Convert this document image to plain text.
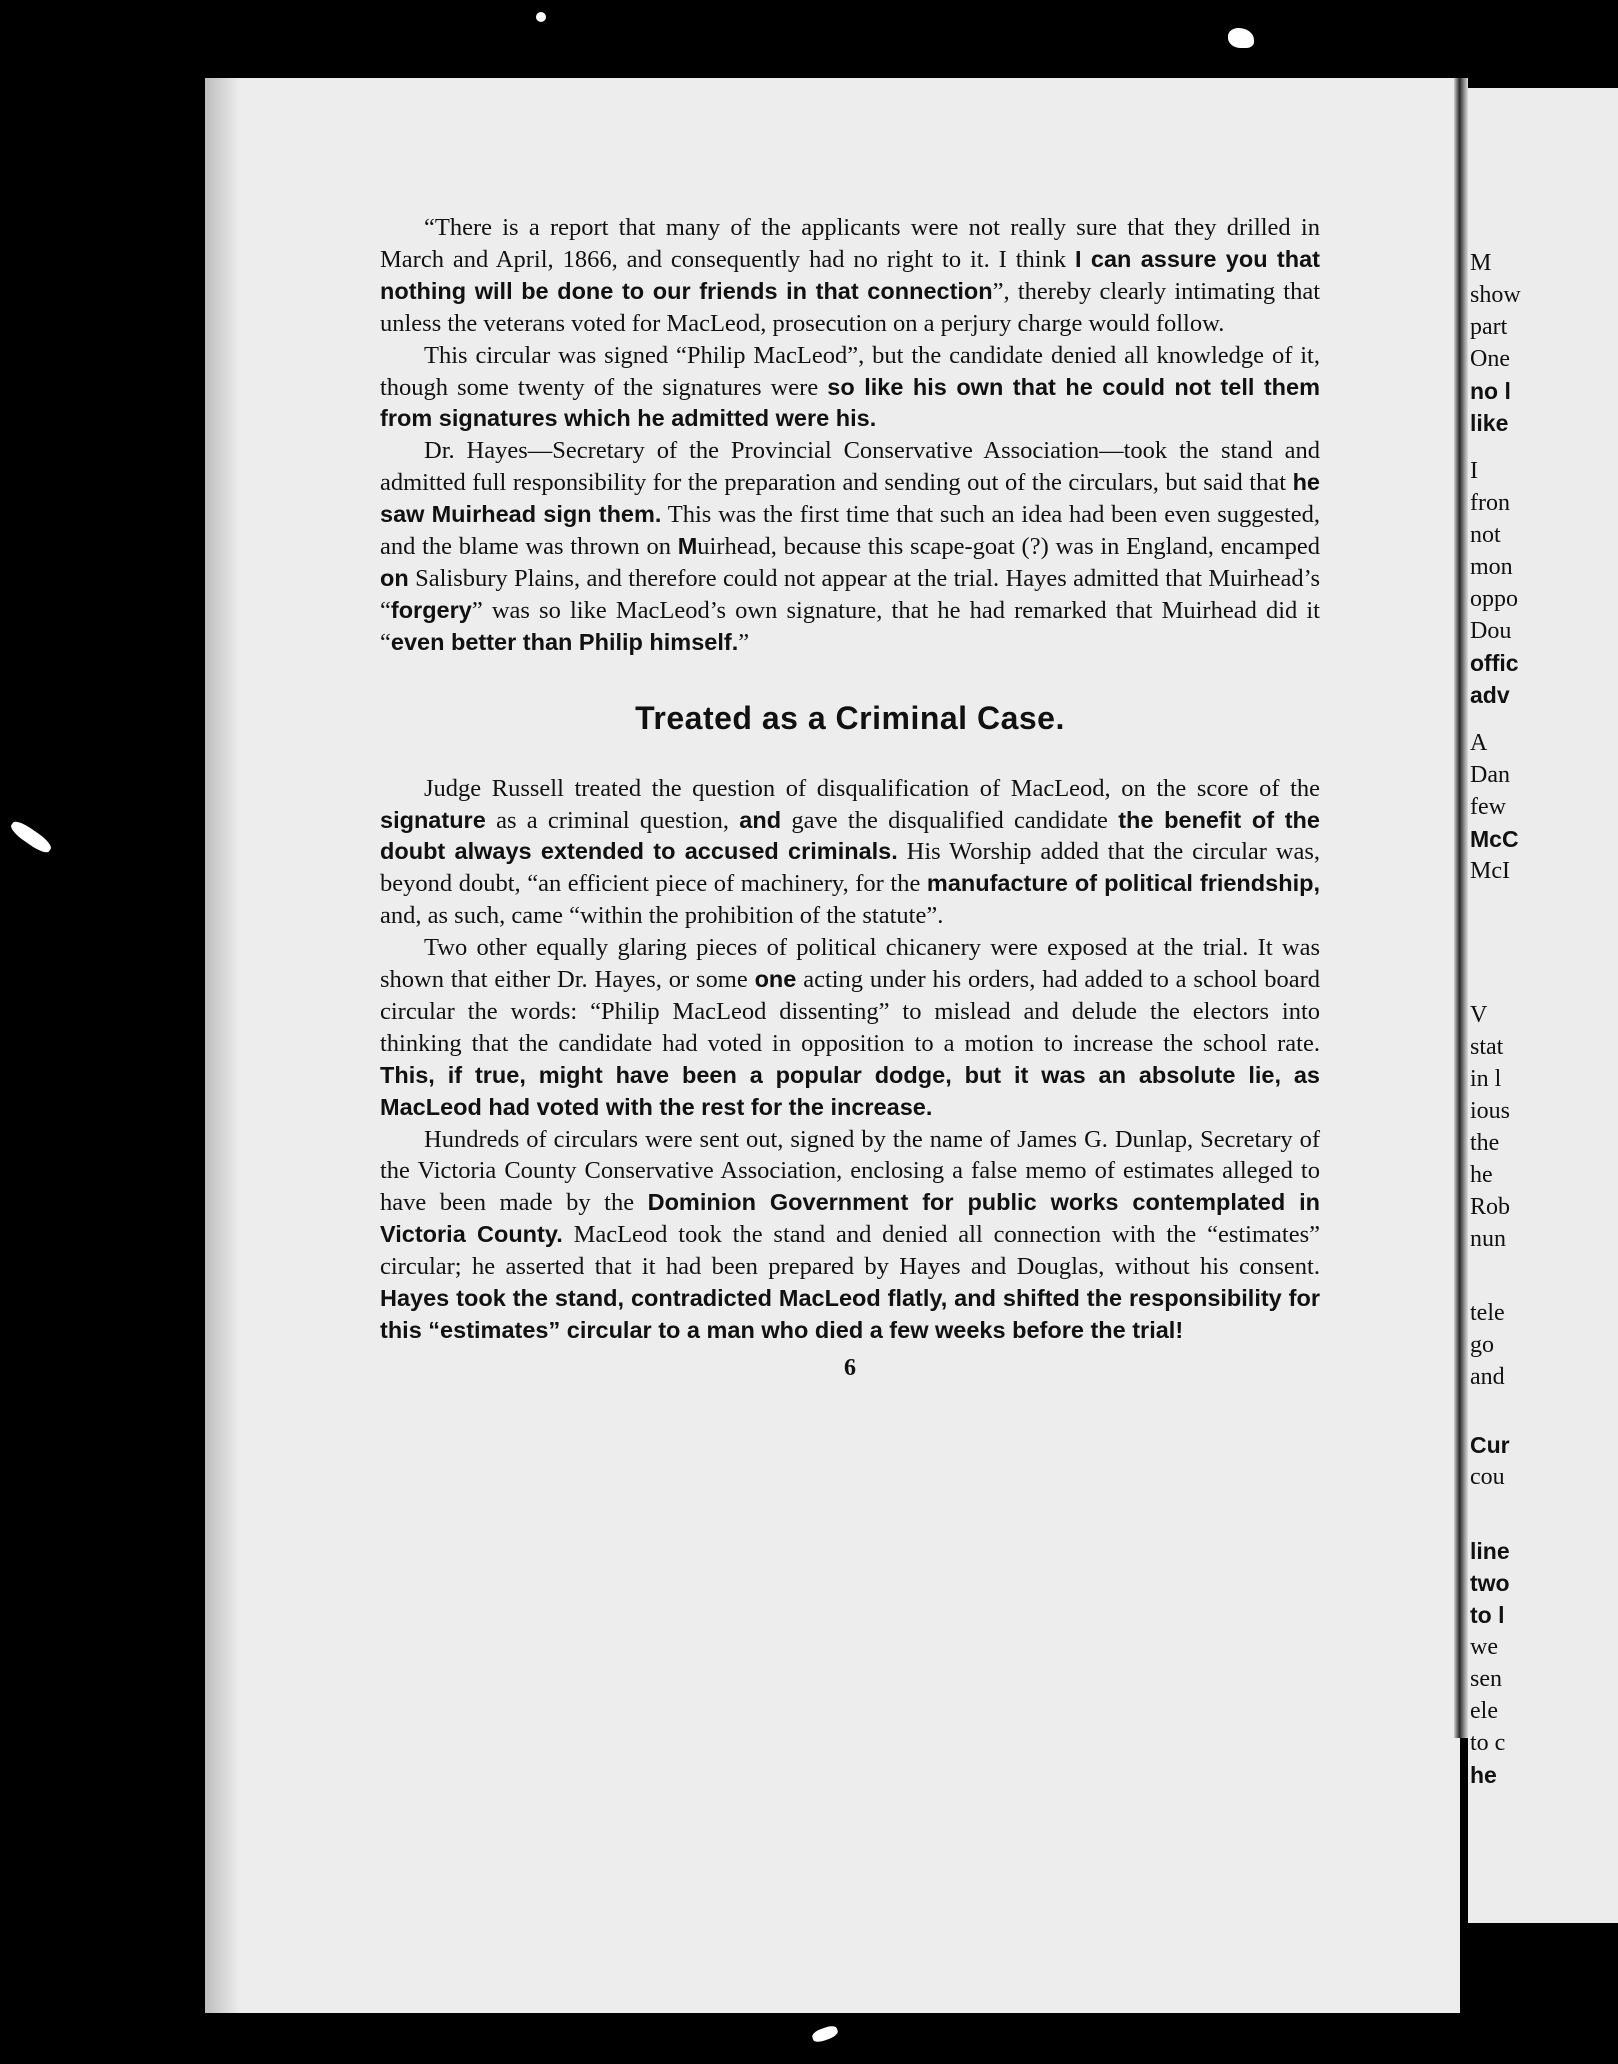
“There is a report that many of the applicants were not really sure that they drilled in March and April, 1866, and consequently had no right to it. I think I can assure you that nothing will be done to our friends in that connection”, thereby clearly intimating that unless the veterans voted for MacLeod, prosecution on a perjury charge would follow.

This circular was signed “Philip MacLeod”, but the candidate denied all knowledge of it, though some twenty of the signatures were so like his own that he could not tell them from signatures which he admitted were his.

Dr. Hayes—Secretary of the Provincial Conservative Association—took the stand and admitted full responsibility for the preparation and sending out of the circulars, but said that he saw Muirhead sign them. This was the first time that such an idea had been even suggested, and the blame was thrown on Muirhead, because this scape-goat (?) was in England, encamped on Salisbury Plains, and therefore could not appear at the trial. Hayes admitted that Muirhead’s “forgery” was so like MacLeod’s own signature, that he had remarked that Muirhead did it “even better than Philip himself.”

Treated as a Criminal Case.

Judge Russell treated the question of disqualification of MacLeod, on the score of the signature as a criminal question, and gave the disqualified candidate the benefit of the doubt always extended to accused criminals. His Worship added that the circular was, beyond doubt, “an efficient piece of machinery, for the manufacture of political friendship, and, as such, came “within the prohibition of the statute”.

Two other equally glaring pieces of political chicanery were exposed at the trial. It was shown that either Dr. Hayes, or some one acting under his orders, had added to a school board circular the words: “Philip MacLeod dissenting” to mislead and delude the electors into thinking that the candidate had voted in opposition to a motion to increase the school rate. This, if true, might have been a popular dodge, but it was an absolute lie, as MacLeod had voted with the rest for the increase.

Hundreds of circulars were sent out, signed by the name of James G. Dunlap, Secretary of the Victoria County Conservative Association, enclosing a false memo of estimates alleged to have been made by the Dominion Government for public works contemplated in Victoria County. MacLeod took the stand and denied all connection with the “estimates” circular; he asserted that it had been prepared by Hayes and Douglas, without his consent. Hayes took the stand, contradicted MacLeod flatly, and shifted the responsibility for this “estimates” circular to a man who died a few weeks before the trial!

6
M
show
part
One
no l
like
I
fron
not
mon
oppo
Dou
offic
adv
A
Dan
few
McC
McI
V
stat
in l
ious
the
he
Rob
nun
tele
go
and
Cur
cou
line
two
to l
we
sen
ele
to c
he
